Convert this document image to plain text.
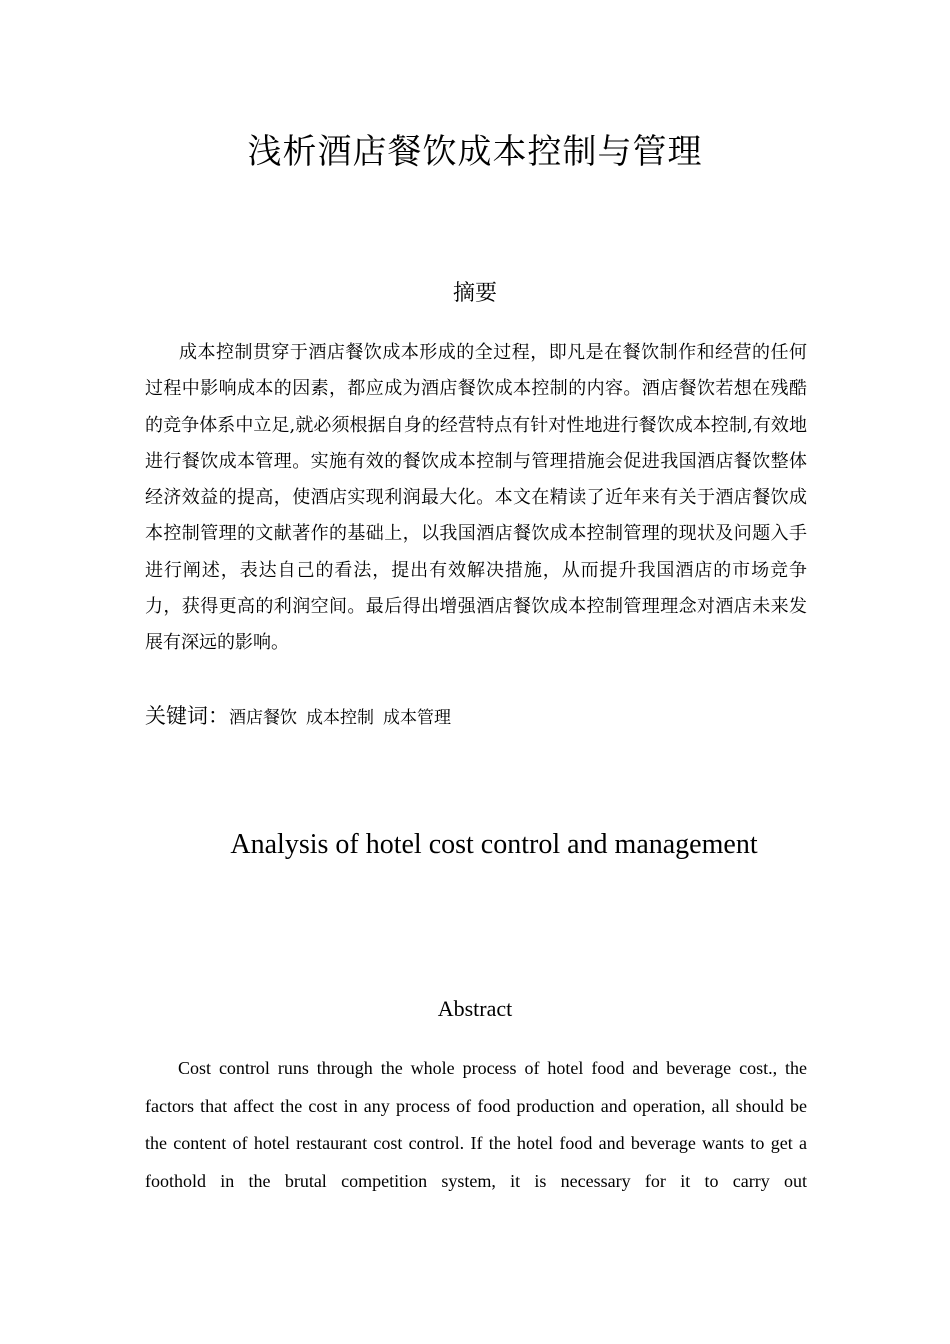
浅析酒店餐饮成本控制与管理
摘要

成本控制贯穿于酒店餐饮成本形成的全过程，即凡是在餐饮制作和经营的任何过程中影响成本的因素，都应成为酒店餐饮成本控制的内容。酒店餐饮若想在残酷的竞争体系中立足,就必须根据自身的经营特点有针对性地进行餐饮成本控制,有效地进行餐饮成本管理。实施有效的餐饮成本控制与管理措施会促进我国酒店餐饮整体经济效益的提高，使酒店实现利润最大化。本文在精读了近年来有关于酒店餐饮成本控制管理的文献著作的基础上，以我国酒店餐饮成本控制管理的现状及问题入手进行阐述，表达自己的看法，提出有效解决措施，从而提升我国酒店的市场竞争力，获得更高的利润空间。最后得出增强酒店餐饮成本控制管理理念对酒店未来发展有深远的影响。

关键词：酒店餐饮 成本控制 成本管理
Analysis of hotel cost control and management
Abstract

Cost control runs through the whole process of hotel food and beverage cost., the factors that affect the cost in any process of food production and operation, all should be the content of hotel restaurant cost control. If the hotel food and beverage wants to get a foothold in the brutal competition system, it is necessary for it to carry out
